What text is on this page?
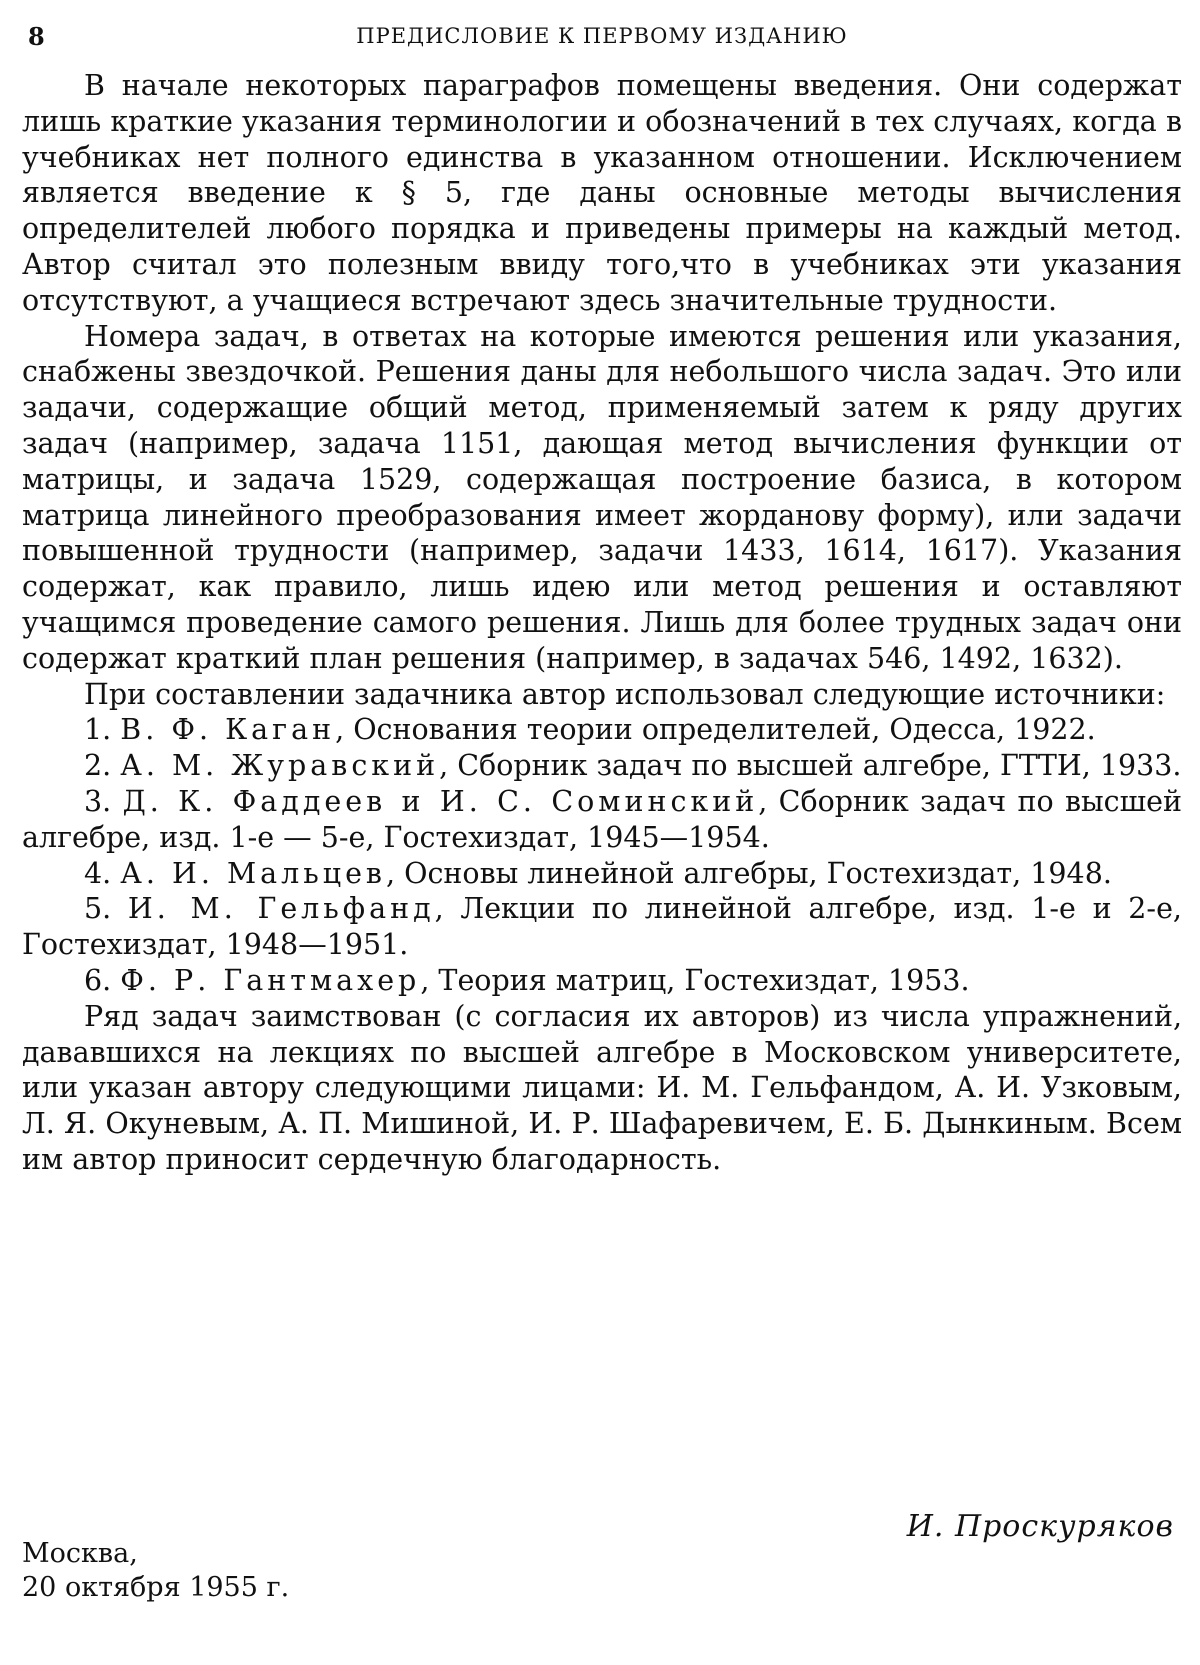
8	ПРЕДИСЛОВИЕ К ПЕРВОМУ ИЗДАНИЮ

В начале некоторых параграфов помещены введения. Они содержат лишь краткие указания терминологии и обозначений в тех случаях, когда в учебниках нет полного единства в указанном отношении. Исключением является введение к § 5, где даны основные методы вычисления определителей любого порядка и приведены примеры на каждый метод. Автор считал это полезным ввиду того,что в учебниках эти указания отсутствуют, а учащиеся встречают здесь значительные трудности.

Номера задач, в ответах на которые имеются решения или указания, снабжены звездочкой. Решения даны для небольшого числа задач. Это или задачи, содержащие общий метод, применяемый затем к ряду других задач (например, задача 1151, дающая метод вычисления функции от матрицы, и задача 1529, содержащая построение базиса, в котором матрица линейного преобразования имеет жорданову форму), или задачи повышенной трудности (например, задачи 1433, 1614, 1617). Указания содержат, как правило, лишь идею или метод решения и оставляют учащимся проведение самого решения. Лишь для более трудных задач они содержат краткий план решения (например, в задачах 546, 1492, 1632).

При составлении задачника автор использовал следующие источники:

1. В. Ф. Каган, Основания теории определителей, Одесса, 1922.

2. А. М. Журавский, Сборник задач по высшей алгебре, ГТТИ, 1933.

3. Д. К. Фаддеев и И. С. Соминский, Сборник задач по высшей алгебре, изд. 1-е — 5-е, Гостехиздат, 1945—1954.

4. А. И. Мальцев, Основы линейной алгебры, Гостехиздат, 1948.

5. И. М. Гельфанд, Лекции по линейной алгебре, изд. 1-е и 2-е, Гостехиздат, 1948—1951.

6. Ф. Р. Гантмахер, Теория матриц, Гостехиздат, 1953.

Ряд задач заимствован (с согласия их авторов) из числа упражнений, дававшихся на лекциях по высшей алгебре в Московском университете, или указан автору следующими лицами: И. М. Гельфандом, А. И. Узковым, Л. Я. Окуневым, А. П. Мишиной, И. Р. Шафаревичем, Е. Б. Дынкиным. Всем им автор приносит сердечную благодарность.

И. Проскуряков
Москва,
20 октября 1955 г.
